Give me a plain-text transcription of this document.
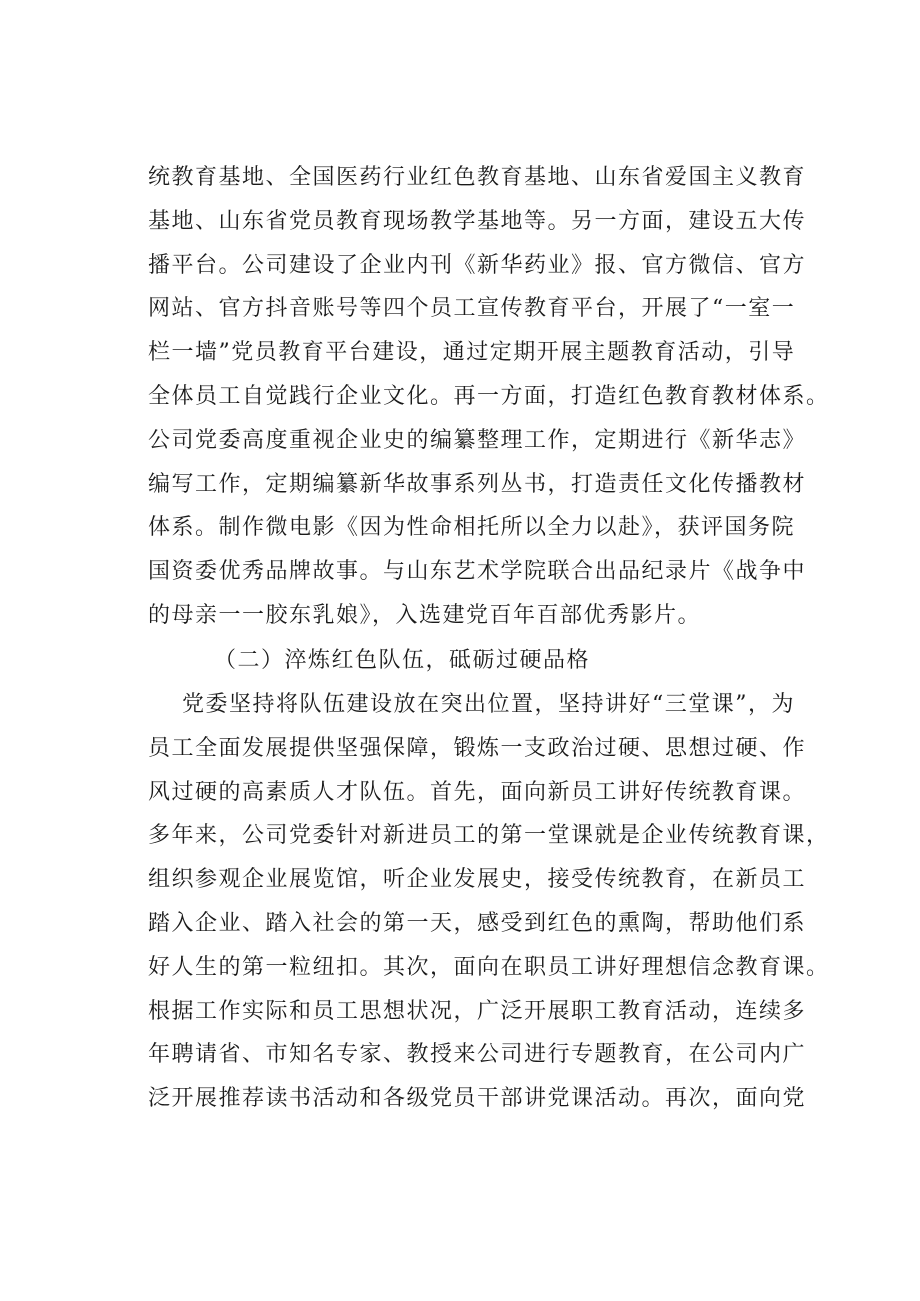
统教育基地、全国医药行业红色教育基地、山东省爱国主义教育
基地、山东省党员教育现场教学基地等。另一方面，建设五大传
播平台。公司建设了企业内刊《新华药业》报、官方微信、官方
网站、官方抖音账号等四个员工宣传教育平台，开展了“一室一
栏一墙”党员教育平台建设，通过定期开展主题教育活动，引导
全体员工自觉践行企业文化。再一方面，打造红色教育教材体系。
公司党委高度重视企业史的编纂整理工作，定期进行《新华志》
编写工作，定期编纂新华故事系列丛书，打造责任文化传播教材
体系。制作微电影《因为性命相托所以全力以赴》，获评国务院
国资委优秀品牌故事。与山东艺术学院联合出品纪录片《战争中
的母亲一一胶东乳娘》，入选建党百年百部优秀影片。
（二）淬炼红色队伍，砥砺过硬品格
党委坚持将队伍建设放在突出位置，坚持讲好“三堂课”，为
员工全面发展提供坚强保障，锻炼一支政治过硬、思想过硬、作
风过硬的高素质人才队伍。首先，面向新员工讲好传统教育课。
多年来，公司党委针对新进员工的第一堂课就是企业传统教育课，
组织参观企业展览馆，听企业发展史，接受传统教育，在新员工
踏入企业、踏入社会的第一天，感受到红色的熏陶，帮助他们系
好人生的第一粒纽扣。其次，面向在职员工讲好理想信念教育课。
根据工作实际和员工思想状况，广泛开展职工教育活动，连续多
年聘请省、市知名专家、教授来公司进行专题教育，在公司内广
泛开展推荐读书活动和各级党员干部讲党课活动。再次，面向党
